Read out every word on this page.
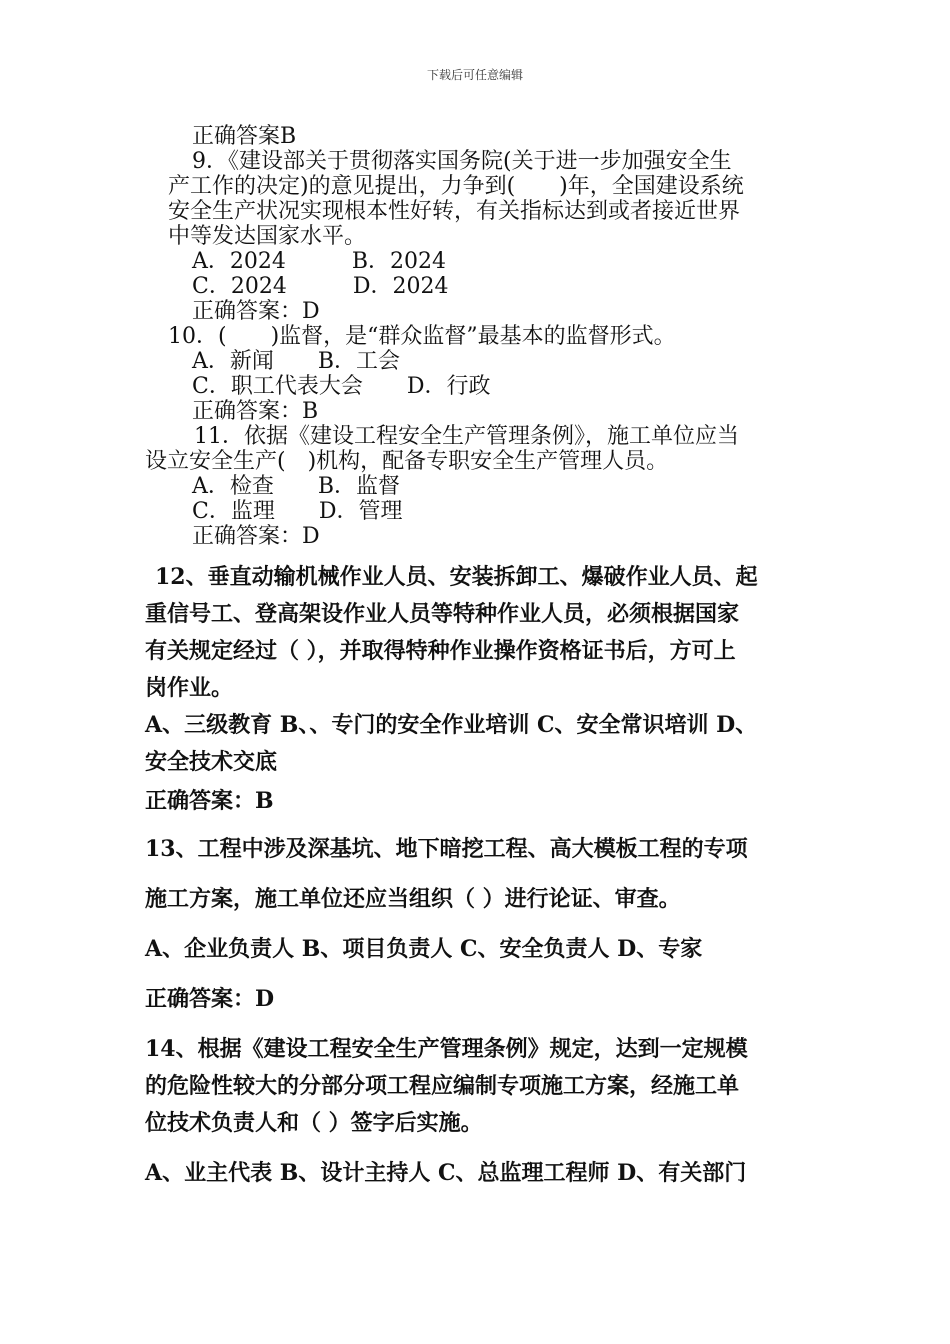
下载后可任意编辑
正确答案B
9．《建设部关于贯彻落实国务院(关于进一步加强安全生
产工作的决定)的意见提出，力争到(　　)年，全国建设系统
安全生产状况实现根本性好转，有关指标达到或者接近世界
中等发达国家水平。
A．2024　　　B．2024
C．2024　　　D．2024
正确答案：D
10．(　　)监督，是“群众监督”最基本的监督形式。
A．新闻　　B．工会
C．职工代表大会　　D．行政
正确答案：B
11．依据《建设工程安全生产管理条例》，施工单位应当
设立安全生产(　)机构，配备专职安全生产管理人员。
A．检查　　B．监督
C．监理　　D．管理
正确答案：D
12、垂直动输机械作业人员、安装拆卸工、爆破作业人员、起
重信号工、登高架设作业人员等特种作业人员，必须根据国家
有关规定经过（ ），并取得特种作业操作资格证书后，方可上
岗作业。
A、三级教育 B、、专门的安全作业培训 C、安全常识培训 D、
安全技术交底
正确答案：B
13、工程中涉及深基坑、地下暗挖工程、高大模板工程的专项
施工方案，施工单位还应当组织（ ）进行论证、审查。
A、企业负责人 B、项目负责人 C、安全负责人 D、专家
正确答案：D
14、根据《建设工程安全生产管理条例》规定，达到一定规模
的危险性较大的分部分项工程应编制专项施工方案，经施工单
位技术负责人和（ ）签字后实施。
A、业主代表 B、设计主持人 C、总监理工程师 D、有关部门
